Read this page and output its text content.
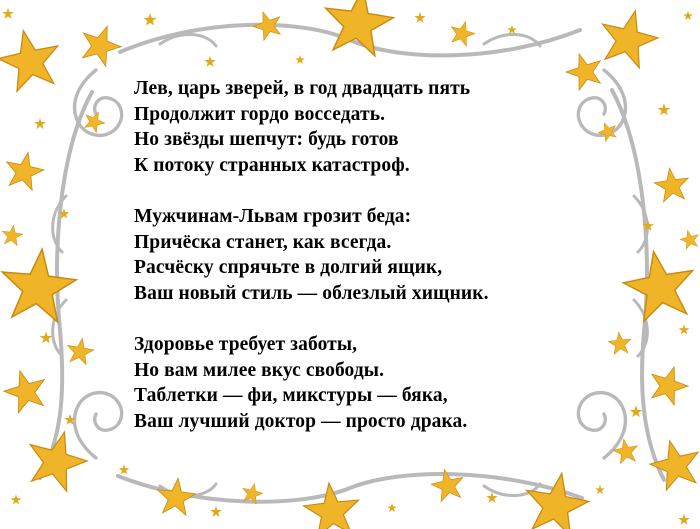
Лев, царь зверей, в год двадцать пять
Продолжит гордо восседать.
Но звёзды шепчут: будь готов
К потоку странных катастроф.
Мужчинам-Львам грозит беда:
Причёска станет, как всегда.
Расчёску спрячьте в долгий ящик,
Ваш новый стиль — облезлый хищник.
Здоровье требует заботы,
Но вам милее вкус свободы.
Таблетки — фи, микстуры — бяка,
Ваш лучший доктор — просто драка.
